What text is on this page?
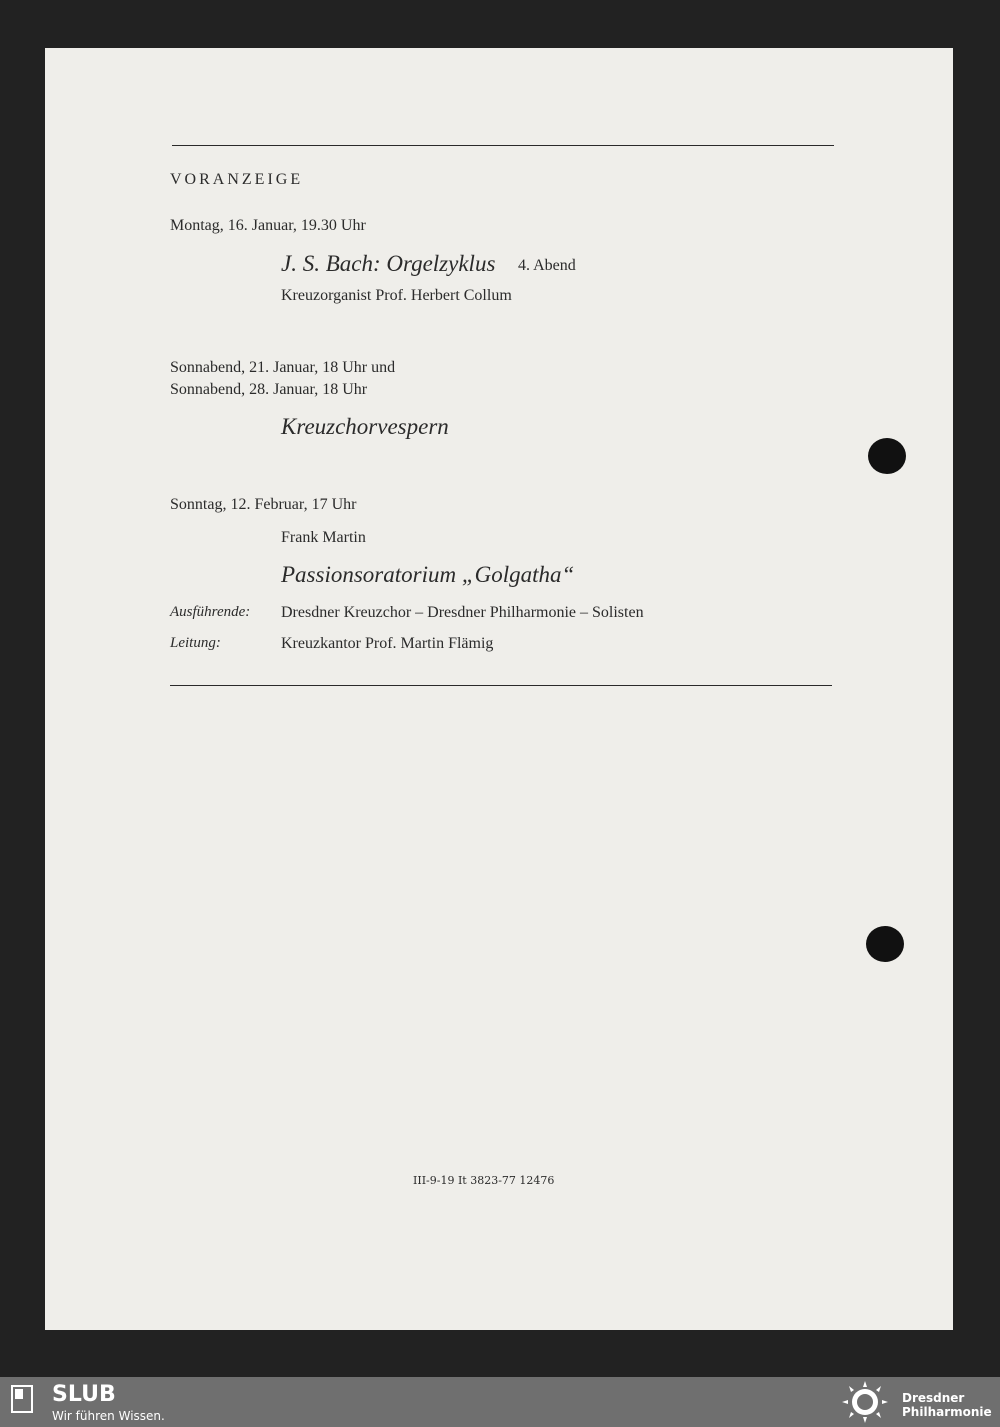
VORANZEIGE
Montag, 16. Januar, 19.30 Uhr
J. S. Bach: Orgelzyklus 4. Abend
Kreuzorganist Prof. Herbert Collum
Sonnabend, 21. Januar, 18 Uhr und
Sonnabend, 28. Januar, 18 Uhr
Kreuzchorvespern
Sonntag, 12. Februar, 17 Uhr
Frank Martin
Passionsoratorium „Golgatha“
Ausführende: Dresdner Kreuzchor – Dresdner Philharmonie – Solisten
Leitung:	Kreuzkantor Prof. Martin Flämig
III-9-19 It 3823-77 12476
SLUB
Wir führen Wissen.
Dresdner
Philharmonie
